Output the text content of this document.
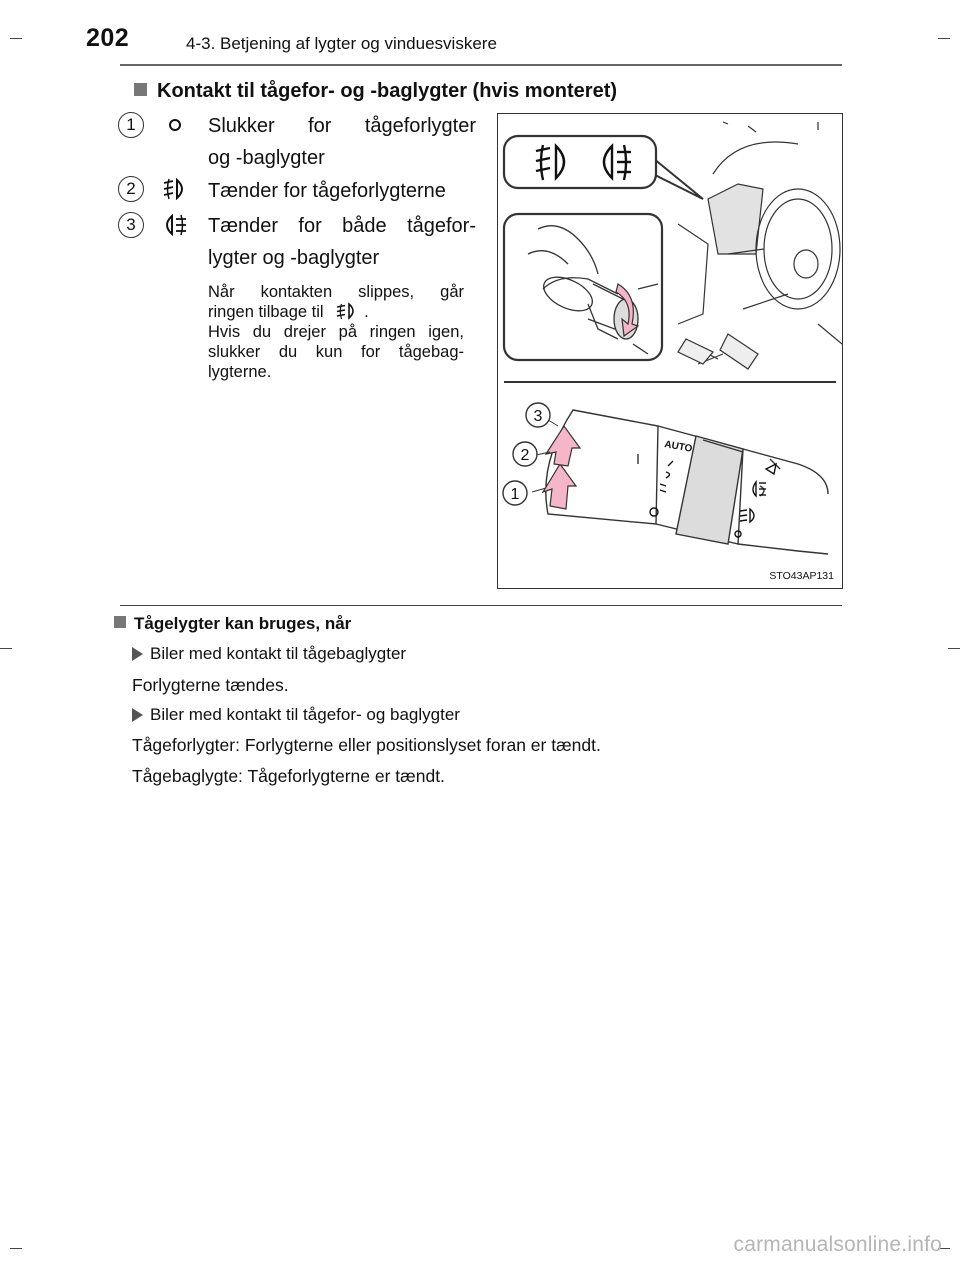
202	4-3. Betjening af lygter og vinduesviskere
Kontakt til tågefor- og -baglygter (hvis monteret)
1	Slukker for tågeforlygter
og -baglygter
2	Tænder for tågeforlygterne
3	Tænder for både tågefor-
lygter og -baglygter
Når kontakten slippes, går
ringen tilbage til .
Hvis du drejer på ringen igen, slukker du kun for tågebag-lygterne.
AUTO
1
2
3
STO43AP131
Tågelygter kan bruges, når
Biler med kontakt til tågebaglygter
Forlygterne tændes.
Biler med kontakt til tågefor- og baglygter
Tågeforlygter: Forlygterne eller positionslyset foran er tændt.
Tågebaglygte: Tågeforlygterne er tændt.
carmanualsonline.info
